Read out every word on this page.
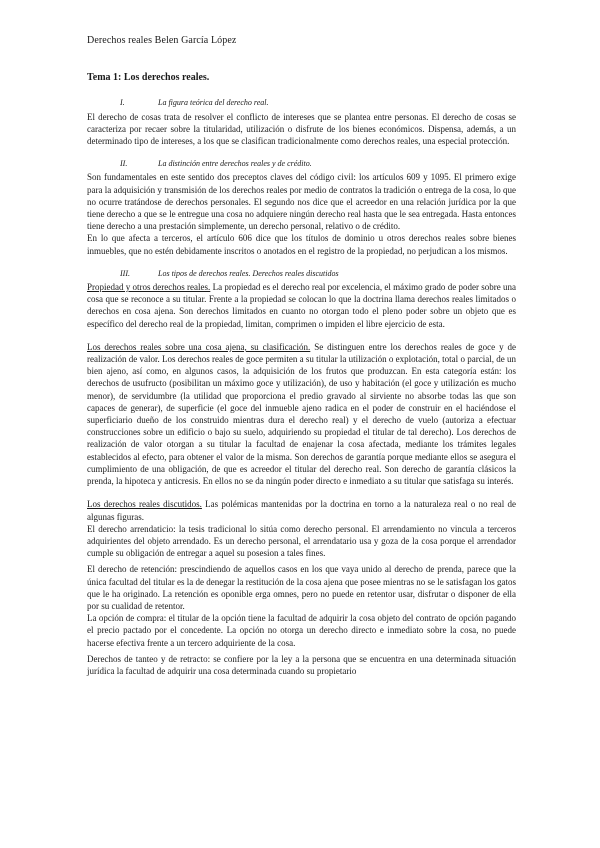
Derechos reales Belen García López
Tema 1: Los derechos reales.
I.	La figura teórica del derecho real.

El derecho de cosas trata de resolver el conflicto de intereses que se plantea entre personas. El derecho de cosas se caracteriza por recaer sobre la titularidad, utilización o disfrute de los bienes económicos. Dispensa, además, a un determinado tipo de intereses, a los que se clasifican tradicionalmente como derechos reales, una especial protección.

II.	La distinción entre derechos reales y de crédito.

Son fundamentales en este sentido dos preceptos claves del código civil: los artículos 609 y 1095. El primero exige para la adquisición y transmisión de los derechos reales por medio de contratos la tradición o entrega de la cosa, lo que no ocurre tratándose de derechos personales. El segundo nos dice que el acreedor en una relación jurídica por la que tiene derecho a que se le entregue una cosa no adquiere ningún derecho real hasta que le sea entregada. Hasta entonces tiene derecho a una prestación simplemente, un derecho personal, relativo o de crédito.

En lo que afecta a terceros, el artículo 606 dice que los títulos de dominio u otros derechos reales sobre bienes inmuebles, que no estén debidamente inscritos o anotados en el registro de la propiedad, no perjudican a los mismos.

III.	Los tipos de derechos reales. Derechos reales discutidos

Propiedad y otros derechos reales. La propiedad es el derecho real por excelencia, el máximo grado de poder sobre una cosa que se reconoce a su titular. Frente a la propiedad se colocan lo que la doctrina llama derechos reales limitados o derechos en cosa ajena. Son derechos limitados en cuanto no otorgan todo el pleno poder sobre un objeto que es específico del derecho real de la propiedad, limitan, comprimen o impiden el libre ejercicio de esta.

Los derechos reales sobre una cosa ajena, su clasificación. Se distinguen entre los derechos reales de goce y de realización de valor. Los derechos reales de goce permiten a su titular la utilización o explotación, total o parcial, de un bien ajeno, así como, en algunos casos, la adquisición de los frutos que produzcan. En esta categoría están: los derechos de usufructo (posibilitan un máximo goce y utilización), de uso y habitación (el goce y utilización es mucho menor), de servidumbre (la utilidad que proporciona el predio gravado al sirviente no absorbe todas las que son capaces de generar), de superficie (el goce del inmueble ajeno radica en el poder de construir en el haciéndose el superficiario dueño de los construido mientras dura el derecho real) y el derecho de vuelo (autoriza a efectuar construcciones sobre un edificio o bajo su suelo, adquiriendo su propiedad el titular de tal derecho). Los derechos de realización de valor otorgan a su titular la facultad de enajenar la cosa afectada, mediante los trámites legales establecidos al efecto, para obtener el valor de la misma. Son derechos de garantía porque mediante ellos se asegura el cumplimiento de una obligación, de que es acreedor el titular del derecho real. Son derecho de garantía clásicos la prenda, la hipoteca y anticresis. En ellos no se da ningún poder directo e inmediato a su titular que satisfaga su interés.

Los derechos reales discutidos. Las polémicas mantenidas por la doctrina en torno a la naturaleza real o no real de algunas figuras.

El derecho arrendaticio: la tesis tradicional lo sitúa como derecho personal. El arrendamiento no vincula a terceros adquirientes del objeto arrendado. Es un derecho personal, el arrendatario usa y goza de la cosa porque el arrendador cumple su obligación de entregar a aquel su posesion a tales fines.

El derecho de retención: prescindiendo de aquellos casos en los que vaya unido al derecho de prenda, parece que la única facultad del titular es la de denegar la restitución de la cosa ajena que posee mientras no se le satisfagan los gatos que le ha originado. La retención es oponible erga omnes, pero no puede en retentor usar, disfrutar o disponer de ella por su cualidad de retentor.

La opción de compra: el titular de la opción tiene la facultad de adquirir la cosa objeto del contrato de opción pagando el precio pactado por el concedente. La opción no otorga un derecho directo e inmediato sobre la cosa, no puede hacerse efectiva frente a un tercero adquiriente de la cosa.

Derechos de tanteo y de retracto: se confiere por la ley a la persona que se encuentra en una determinada situación jurídica la facultad de adquirir una cosa determinada cuando su propietario
